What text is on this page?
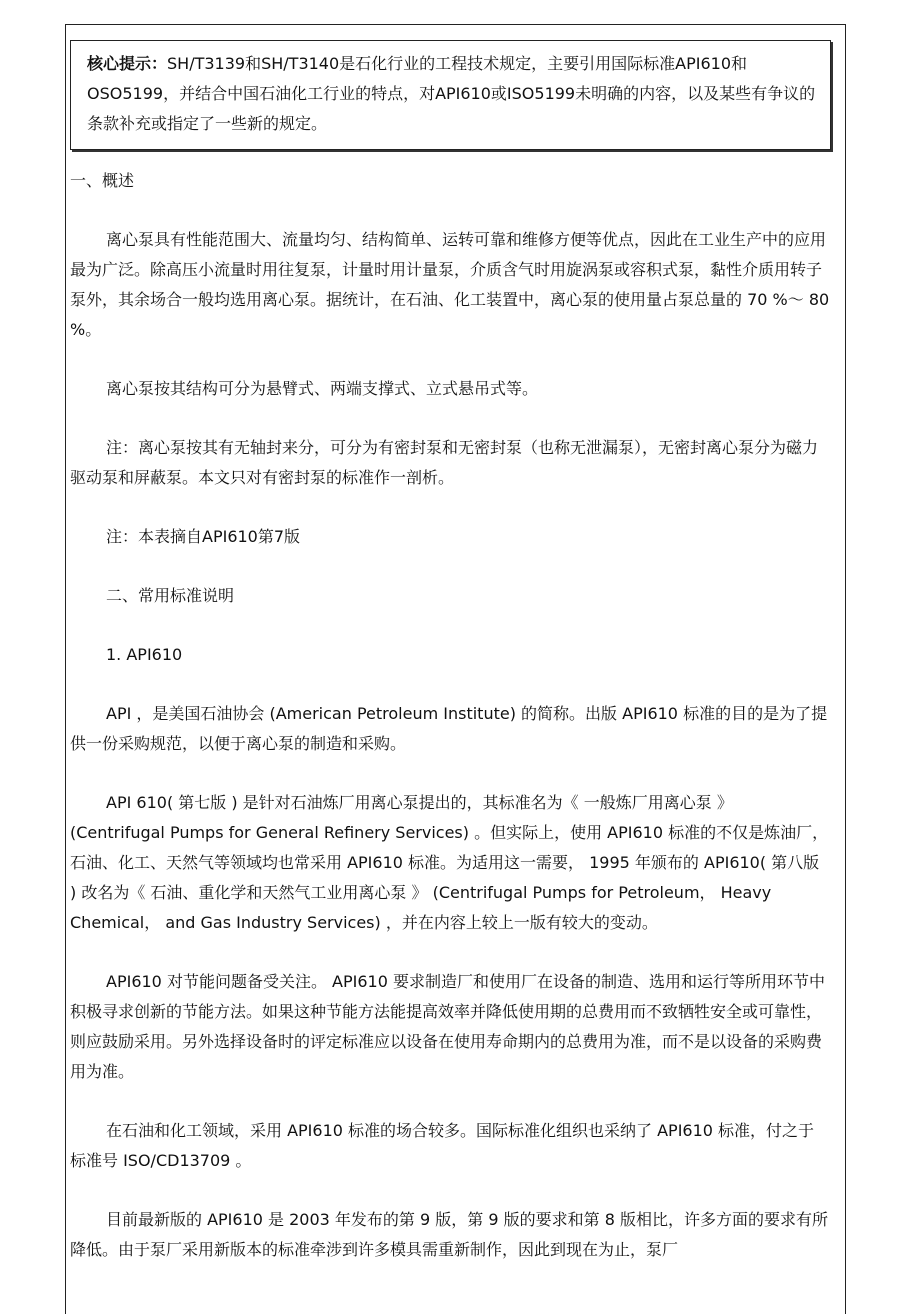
核心提示：SH/T3139和SH/T3140是石化行业的工程技术规定，主要引用国际标准API610和OSO5199，并结合中国石油化工行业的特点，对API610或ISO5199未明确的内容，以及某些有争议的条款补充或指定了一些新的规定。

一、概述

离心泵具有性能范围大、流量均匀、结构简单、运转可靠和维修方便等优点，因此在工业生产中的应用最为广泛。除高压小流量时用往复泵，计量时用计量泵，介质含气时用旋涡泵或容积式泵，黏性介质用转子泵外，其余场合一般均选用离心泵。据统计，在石油、化工装置中，离心泵的使用量占泵总量的 70 %～ 80 %。

离心泵按其结构可分为悬臂式、两端支撑式、立式悬吊式等。

注：离心泵按其有无轴封来分，可分为有密封泵和无密封泵（也称无泄漏泵），无密封离心泵分为磁力驱动泵和屏蔽泵。本文只对有密封泵的标准作一剖析。

注：本表摘自API610第7版

二、常用标准说明

1. API610

API ，是美国石油协会 (American Petroleum Institute) 的简称。出版 API610 标准的目的是为了提供一份采购规范，以便于离心泵的制造和采购。

API 610( 第七版 ) 是针对石油炼厂用离心泵提出的，其标准名为《 一般炼厂用离心泵 》 (Centrifugal Pumps for General Refinery Services) 。但实际上，使用 API610 标准的不仅是炼油厂，石油、化工、天然气等领域均也常采用 API610 标准。为适用这一需要， 1995 年颁布的 API610( 第八版 ) 改名为《 石油、重化学和天然气工业用离心泵 》 (Centrifugal Pumps for Petroleum， Heavy Chemical， and Gas Industry Services) ，并在内容上较上一版有较大的变动。

API610 对节能问题备受关注。 API610 要求制造厂和使用厂在设备的制造、选用和运行等所用环节中积极寻求创新的节能方法。如果这种节能方法能提高效率并降低使用期的总费用而不致牺牲安全或可靠性，则应鼓励采用。另外选择设备时的评定标准应以设备在使用寿命期内的总费用为准，而不是以设备的采购费用为准。

在石油和化工领域，采用 API610 标准的场合较多。国际标准化组织也采纳了 API610 标准，付之于标准号 ISO/CD13709 。

目前最新版的 API610 是 2003 年发布的第 9 版，第 9 版的要求和第 8 版相比，许多方面的要求有所降低。由于泵厂采用新版本的标准牵涉到许多模具需重新制作，因此到现在为止，泵厂
